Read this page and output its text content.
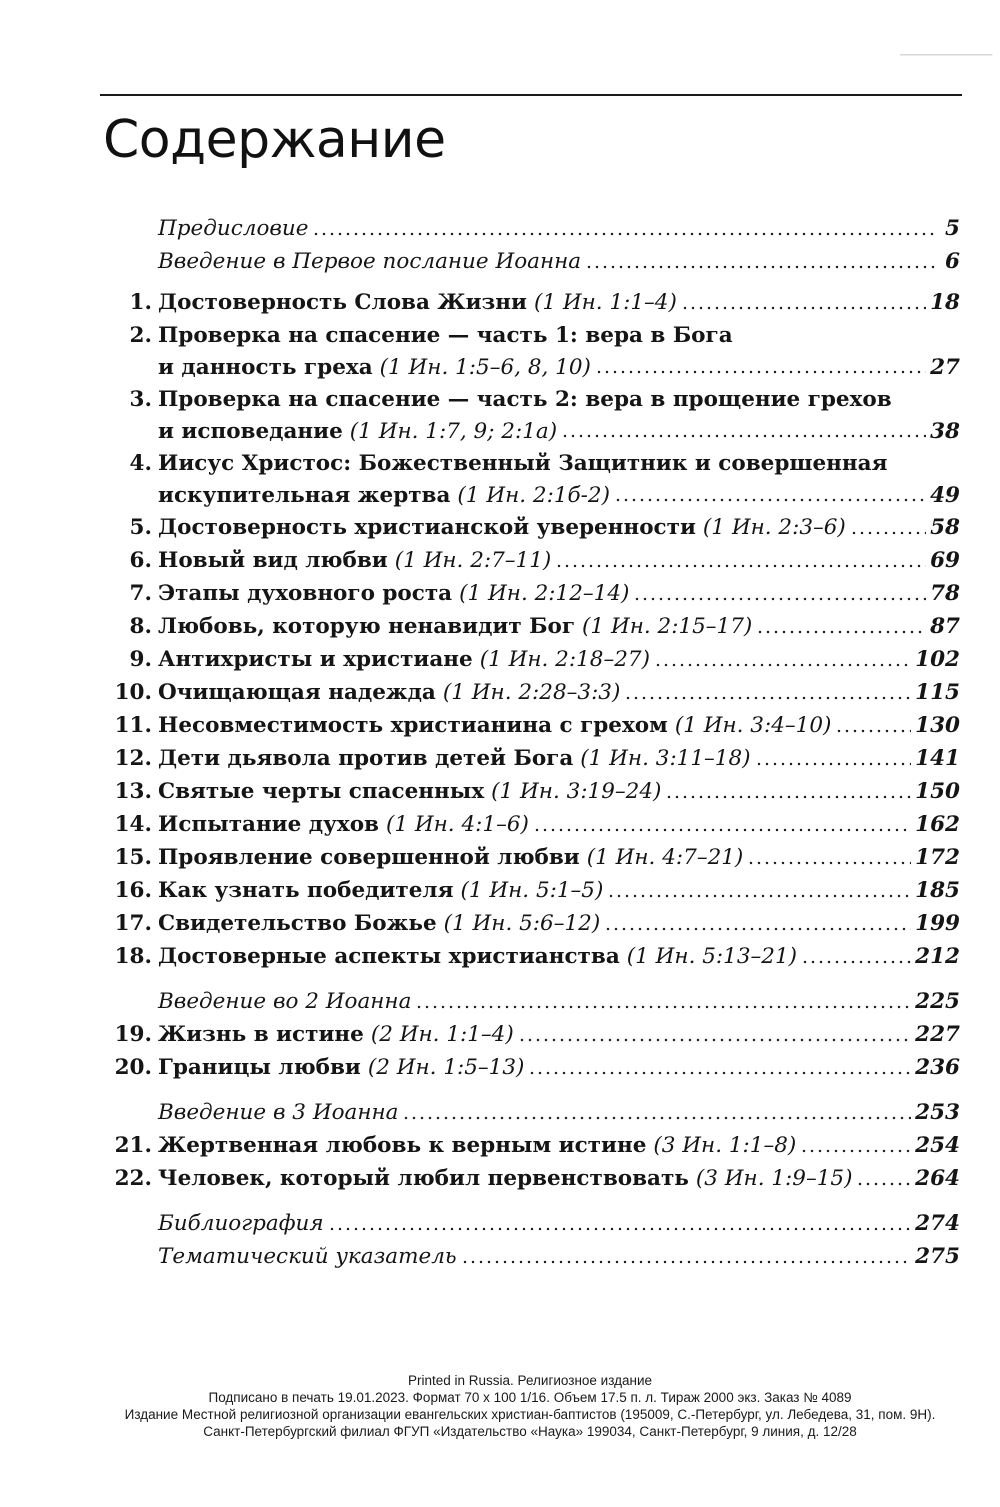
▔▔▔▔▔▔▔▔▔▔
Содержание
Предисловие	5
Введение в Первое послание Иоанна	6
1. Достоверность Слова Жизни (1 Ин. 1:1–4)	18
2. Проверка на спасение — часть 1: вера в Бога
и данность греха (1 Ин. 1:5–6, 8, 10)	27
3. Проверка на спасение — часть 2: вера в прощение грехов
и исповедание (1 Ин. 1:7, 9; 2:1а)	38
4. Иисус Христос: Божественный Защитник и совершенная
искупительная жертва (1 Ин. 2:1б-2)	49
5. Достоверность христианской уверенности (1 Ин. 2:3–6)	58
6. Новый вид любви (1 Ин. 2:7–11)	69
7. Этапы духовного роста (1 Ин. 2:12–14)	78
8. Любовь, которую ненавидит Бог (1 Ин. 2:15–17)	87
9. Антихристы и христиане (1 Ин. 2:18–27)	102
10. Очищающая надежда (1 Ин. 2:28–3:3)	115
11. Несовместимость христианина с грехом (1 Ин. 3:4–10)	130
12. Дети дьявола против детей Бога (1 Ин. 3:11–18)	141
13. Святые черты спасенных (1 Ин. 3:19–24)	150
14. Испытание духов (1 Ин. 4:1–6)	162
15. Проявление совершенной любви (1 Ин. 4:7–21)	172
16. Как узнать победителя (1 Ин. 5:1–5)	185
17. Свидетельство Божье (1 Ин. 5:6–12)	199
18. Достоверные аспекты христианства (1 Ин. 5:13–21)	212
Введение во 2 Иоанна	225
19. Жизнь в истине (2 Ин. 1:1–4)	227
20. Границы любви (2 Ин. 1:5–13)	236
Введение в 3 Иоанна	253
21. Жертвенная любовь к верным истине (3 Ин. 1:1–8)	254
22. Человек, который любил первенствовать (3 Ин. 1:9–15)	264
Библиография	274
Тематический указатель	275
Printed in Russia. Религиозное издание
Подписано в печать 19.01.2023. Формат 70 х 100 1/16. Объем 17.5 п. л. Тираж 2000 экз. Заказ № 4089
Издание Местной религиозной организации евангельских христиан-баптистов (195009, С.-Петербург, ул. Лебедева, 31, пом. 9Н).
Санкт-Петербургский филиал ФГУП «Издательство «Наука» 199034, Санкт-Петербург, 9 линия, д. 12/28
